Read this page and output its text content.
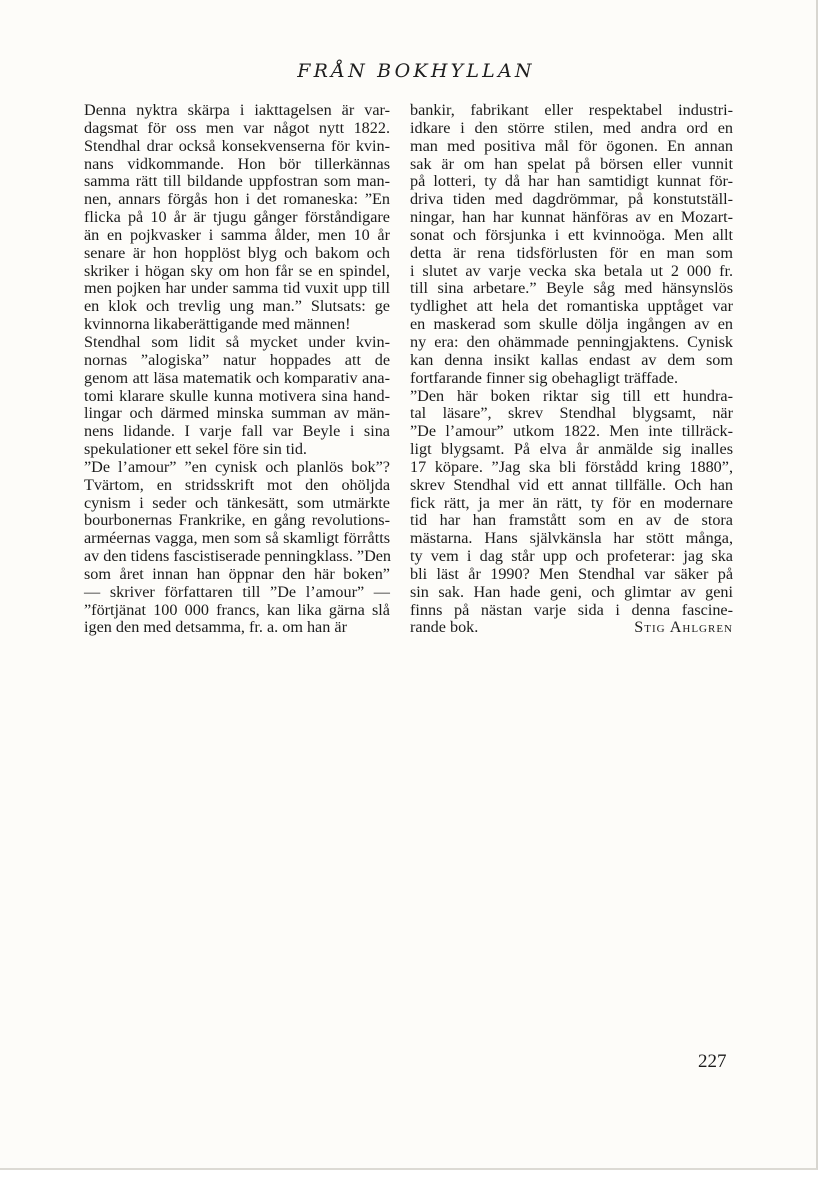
FRÅN BOKHYLLAN
Denna nyktra skärpa i iakttagelsen är var-
dagsmat för oss men var något nytt 1822.
Stendhal drar också konsekvenserna för kvin-
nans vidkommande. Hon bör tillerkännas
samma rätt till bildande uppfostran som man-
nen, annars förgås hon i det romaneska: ”En
flicka på 10 år är tjugu gånger förståndigare
än en pojkvasker i samma ålder, men 10 år
senare är hon hopplöst blyg och bakom och
skriker i högan sky om hon får se en spindel,
men pojken har under samma tid vuxit upp till
en klok och trevlig ung man.” Slutsats: ge
kvinnorna likaberättigande med männen!
Stendhal som lidit så mycket under kvin-
nornas ”alogiska” natur hoppades att de
genom att läsa matematik och komparativ ana-
tomi klarare skulle kunna motivera sina hand-
lingar och därmed minska summan av män-
nens lidande. I varje fall var Beyle i sina
spekulationer ett sekel före sin tid.
”De l’amour” ”en cynisk och planlös bok”?
Tvärtom, en stridsskrift mot den ohöljda
cynism i seder och tänkesätt, som utmärkte
bourbonernas Frankrike, en gång revolutions-
arméernas vagga, men som så skamligt förråtts
av den tidens fascistiserade penningklass. ”Den
som året innan han öppnar den här boken”
— skriver författaren till ”De l’amour” —
”förtjänat 100 000 francs, kan lika gärna slå
igen den med detsamma, fr. a. om han är
bankir, fabrikant eller respektabel industri-
idkare i den större stilen, med andra ord en
man med positiva mål för ögonen. En annan
sak är om han spelat på börsen eller vunnit
på lotteri, ty då har han samtidigt kunnat för-
driva tiden med dagdrömmar, på konstutställ-
ningar, han har kunnat hänföras av en Mozart-
sonat och försjunka i ett kvinnoöga. Men allt
detta är rena tidsförlusten för en man som
i slutet av varje vecka ska betala ut 2 000 fr.
till sina arbetare.” Beyle såg med hänsynslös
tydlighet att hela det romantiska upptåget var
en maskerad som skulle dölja ingången av en
ny era: den ohämmade penningjaktens. Cynisk
kan denna insikt kallas endast av dem som
fortfarande finner sig obehagligt träffade.
”Den här boken riktar sig till ett hundra-
tal läsare”, skrev Stendhal blygsamt, när
”De l’amour” utkom 1822. Men inte tillräck-
ligt blygsamt. På elva år anmälde sig inalles
17 köpare. ”Jag ska bli förstådd kring 1880”,
skrev Stendhal vid ett annat tillfälle. Och han
fick rätt, ja mer än rätt, ty för en modernare
tid har han framstått som en av de stora
mästarna. Hans självkänsla har stött många,
ty vem i dag står upp och profeterar: jag ska
bli läst år 1990? Men Stendhal var säker på
sin sak. Han hade geni, och glimtar av geni
finns på nästan varje sida i denna fascine-
rande bok.	Stig Ahlgren
227
